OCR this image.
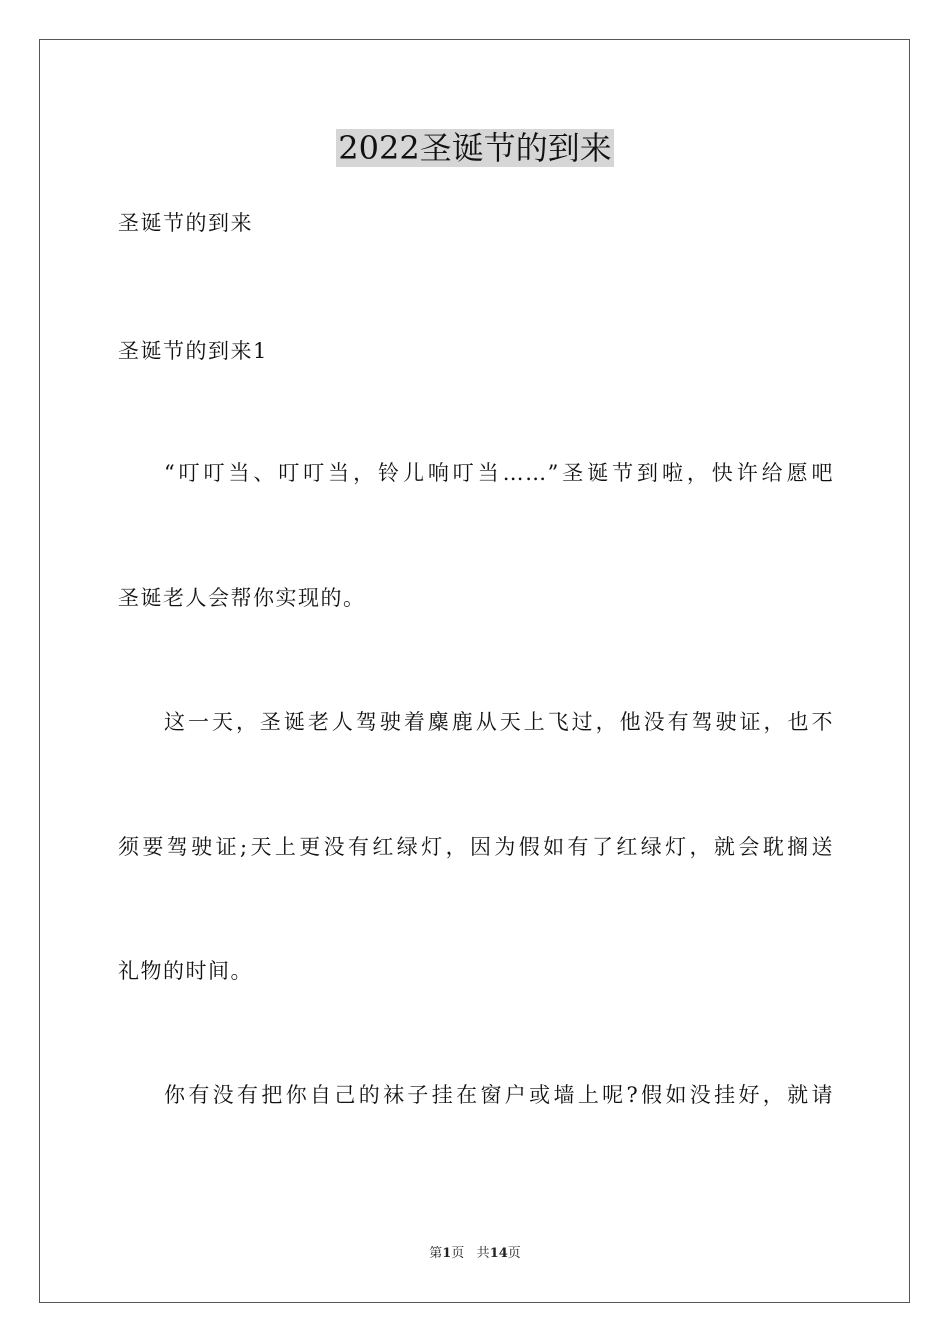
2022圣诞节的到来
圣诞节的到来
圣诞节的到来1
“叮叮当、叮叮当，铃儿响叮当……”圣诞节到啦，快许给愿吧
圣诞老人会帮你实现的。
这一天，圣诞老人驾驶着麋鹿从天上飞过，他没有驾驶证，也不
须要驾驶证;天上更没有红绿灯，因为假如有了红绿灯，就会耽搁送
礼物的时间。
你有没有把你自己的袜子挂在窗户或墙上呢?假如没挂好，就请
第1页 共14页
